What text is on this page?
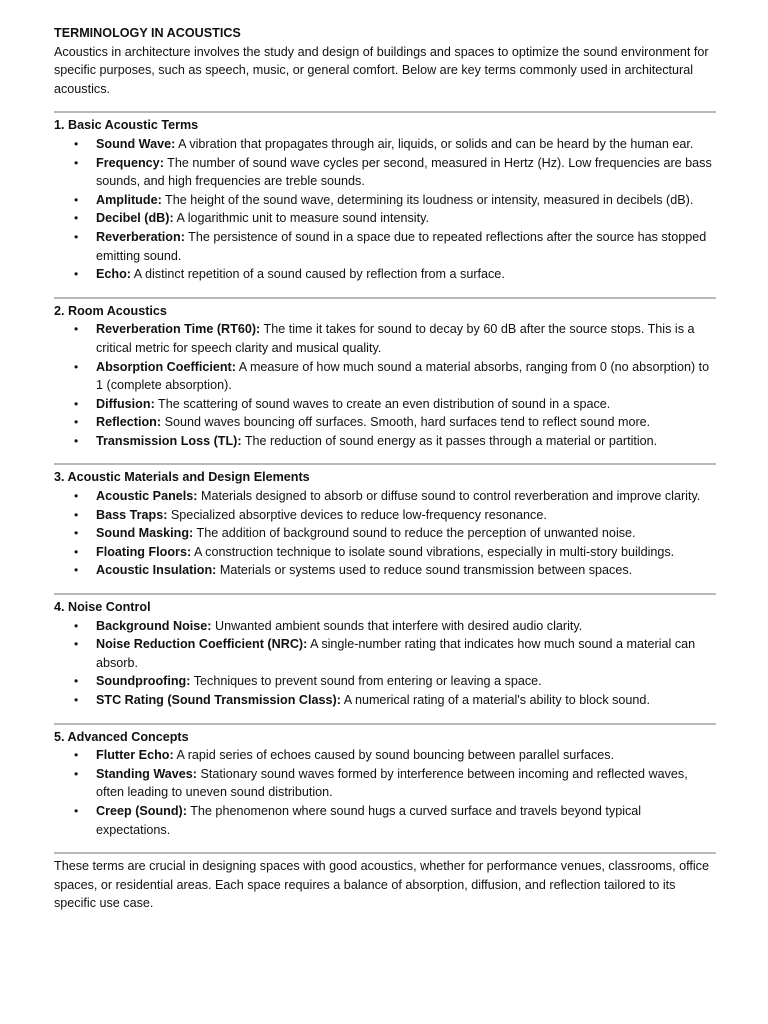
TERMINOLOGY IN ACOUSTICS

Acoustics in architecture involves the study and design of buildings and spaces to optimize the sound environment for specific purposes, such as speech, music, or general comfort. Below are key terms commonly used in architectural acoustics.

1. Basic Acoustic Terms

• Sound Wave: A vibration that propagates through air, liquids, or solids and can be heard by the human ear.
• Frequency: The number of sound wave cycles per second, measured in Hertz (Hz). Low frequencies are bass sounds, and high frequencies are treble sounds.
• Amplitude: The height of the sound wave, determining its loudness or intensity, measured in decibels (dB).
• Decibel (dB): A logarithmic unit to measure sound intensity.
• Reverberation: The persistence of sound in a space due to repeated reflections after the source has stopped emitting sound.
• Echo: A distinct repetition of a sound caused by reflection from a surface.

2. Room Acoustics

• Reverberation Time (RT60): The time it takes for sound to decay by 60 dB after the source stops. This is a critical metric for speech clarity and musical quality.
• Absorption Coefficient: A measure of how much sound a material absorbs, ranging from 0 (no absorption) to 1 (complete absorption).
• Diffusion: The scattering of sound waves to create an even distribution of sound in a space.
• Reflection: Sound waves bouncing off surfaces. Smooth, hard surfaces tend to reflect sound more.
• Transmission Loss (TL): The reduction of sound energy as it passes through a material or partition.

3. Acoustic Materials and Design Elements

• Acoustic Panels: Materials designed to absorb or diffuse sound to control reverberation and improve clarity.
• Bass Traps: Specialized absorptive devices to reduce low-frequency resonance.
• Sound Masking: The addition of background sound to reduce the perception of unwanted noise.
• Floating Floors: A construction technique to isolate sound vibrations, especially in multi-story buildings.
• Acoustic Insulation: Materials or systems used to reduce sound transmission between spaces.

4. Noise Control

• Background Noise: Unwanted ambient sounds that interfere with desired audio clarity.
• Noise Reduction Coefficient (NRC): A single-number rating that indicates how much sound a material can absorb.
• Soundproofing: Techniques to prevent sound from entering or leaving a space.
• STC Rating (Sound Transmission Class): A numerical rating of a material's ability to block sound.

5. Advanced Concepts

• Flutter Echo: A rapid series of echoes caused by sound bouncing between parallel surfaces.
• Standing Waves: Stationary sound waves formed by interference between incoming and reflected waves, often leading to uneven sound distribution.
• Creep (Sound): The phenomenon where sound hugs a curved surface and travels beyond typical expectations.

These terms are crucial in designing spaces with good acoustics, whether for performance venues, classrooms, office spaces, or residential areas. Each space requires a balance of absorption, diffusion, and reflection tailored to its specific use case.
